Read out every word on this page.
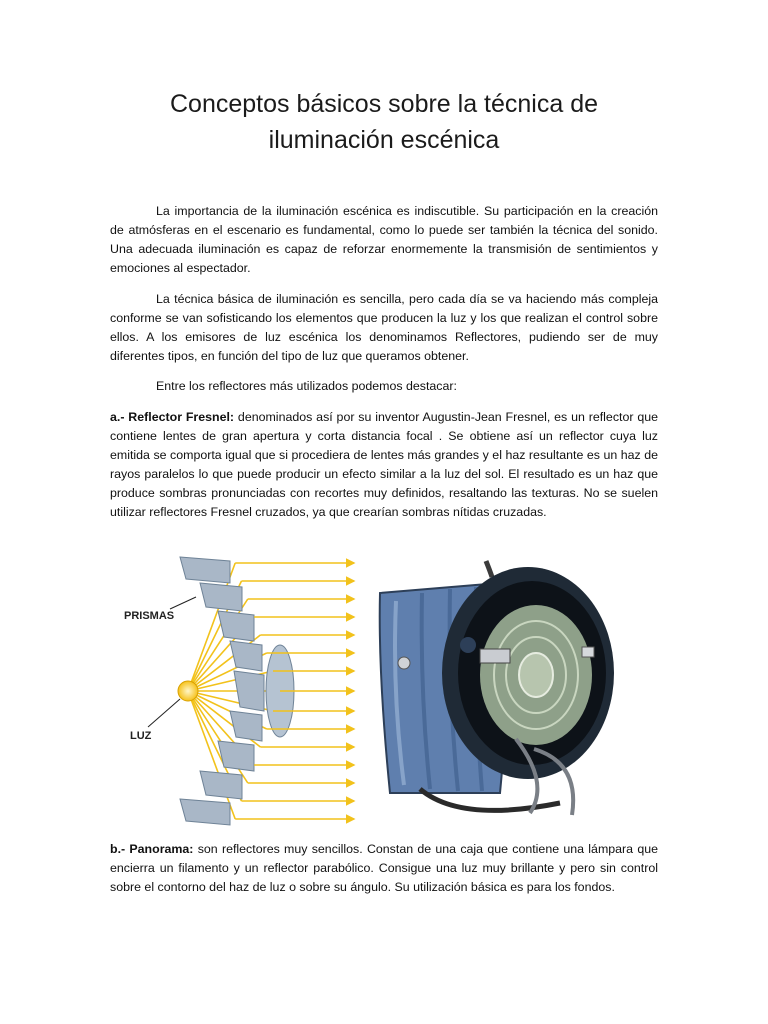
Conceptos básicos sobre la técnica de
iluminación escénica

La importancia de la iluminación escénica es indiscutible. Su participación en la creación de atmósferas en el escenario es fundamental, como lo puede ser también la técnica del sonido. Una adecuada iluminación es capaz de reforzar enormemente la transmisión de sentimientos y emociones al espectador.

La técnica básica de iluminación es sencilla, pero cada día se va haciendo más compleja conforme se van sofisticando los elementos que producen la luz y los que realizan el control sobre ellos. A los emisores de luz escénica los denominamos Reflectores, pudiendo ser de muy diferentes tipos, en función del tipo de luz que queramos obtener.

Entre los reflectores más utilizados podemos destacar:

a.- Reflector Fresnel: denominados así por su inventor Augustin-Jean Fresnel, es un reflector que contiene lentes de gran apertura y corta distancia focal . Se obtiene así un reflector cuya luz emitida se comporta igual que si procediera de lentes más grandes y el haz resultante es un haz de rayos paralelos lo que puede producir un efecto similar a la luz del sol. El resultado es un haz que produce sombras pronunciadas con recortes muy definidos, resaltando las texturas. No se suelen utilizar reflectores Fresnel cruzados, ya que crearían sombras nítidas cruzadas.

PRISMAS
LUZ

b.- Panorama: son reflectores muy sencillos. Constan de una caja que contiene una lámpara que encierra un filamento y un reflector parabólico. Consigue una luz muy brillante y pero sin control sobre el contorno del haz de luz o sobre su ángulo. Su utilización básica es para los fondos.
